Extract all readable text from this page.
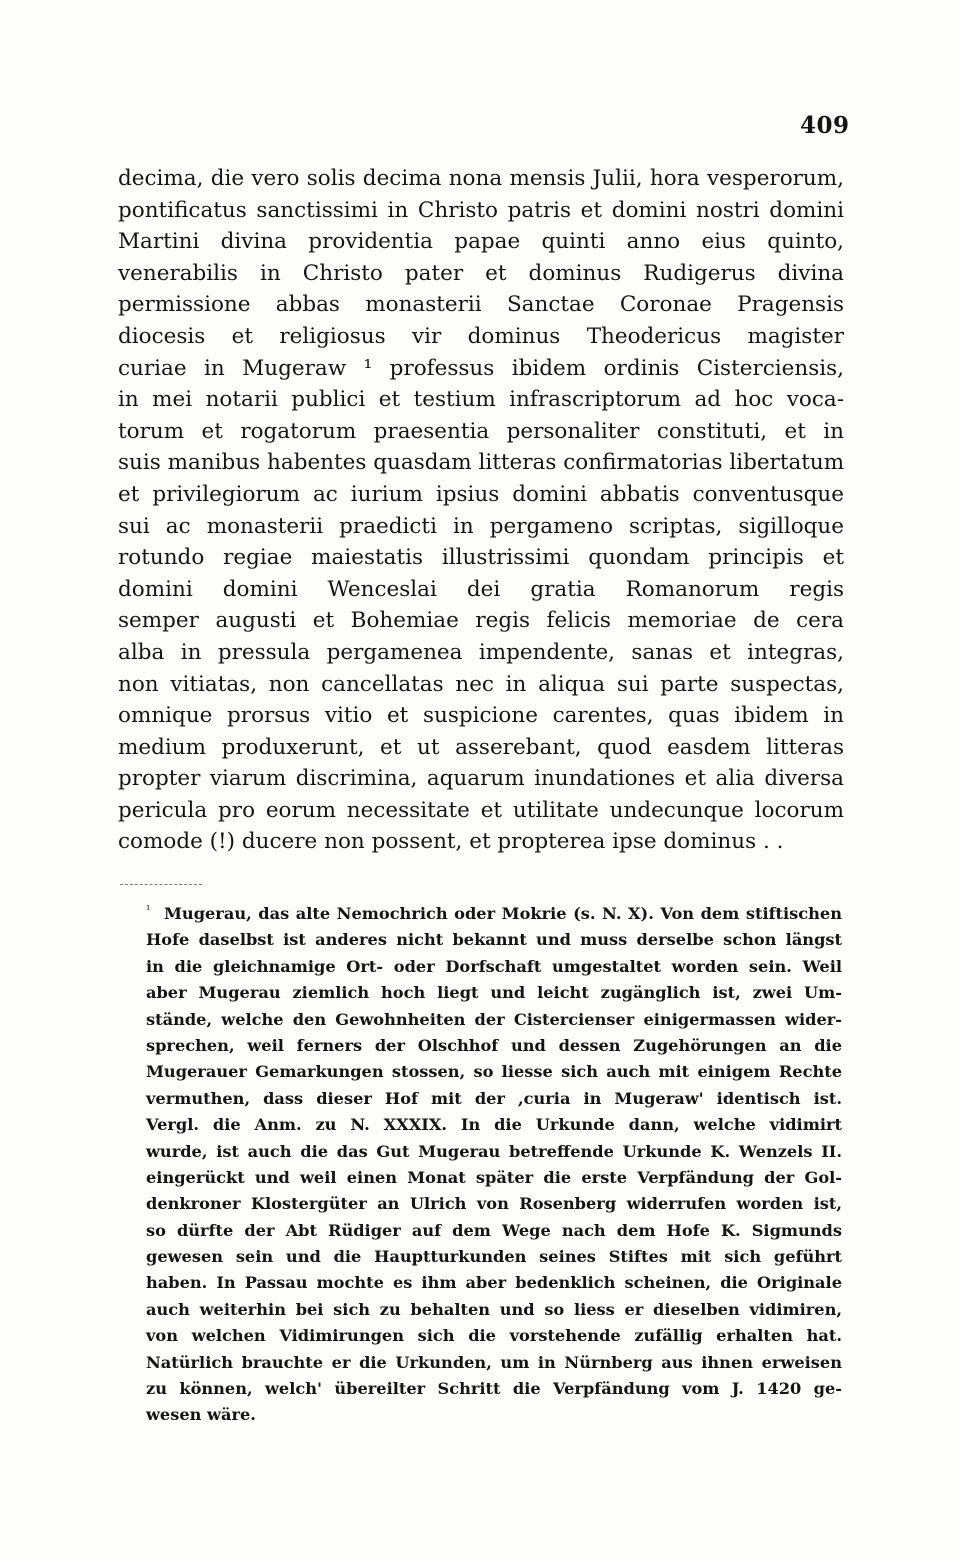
409
decima, die vero solis decima nona mensis Julii, hora vesperorum,
pontificatus sanctissimi in Christo patris et domini nostri domini
Martini divina providentia papae quinti anno eius quinto,
venerabilis in Christo pater et dominus Rudigerus divina
permissione abbas monasterii Sanctae Coronae Pragensis
diocesis et religiosus vir dominus Theodericus magister
curiae in Mugeraw ¹ professus ibidem ordinis Cisterciensis,
in mei notarii publici et testium infrascriptorum ad hoc voca-
torum et rogatorum praesentia personaliter constituti, et in
suis manibus habentes quasdam litteras confirmatorias libertatum
et privilegiorum ac iurium ipsius domini abbatis conventusque
sui ac monasterii praedicti in pergameno scriptas, sigilloque
rotundo regiae maiestatis illustrissimi quondam principis et
domini domini Wenceslai dei gratia Romanorum regis
semper augusti et Bohemiae regis felicis memoriae de cera
alba in pressula pergamenea impendente, sanas et integras,
non vitiatas, non cancellatas nec in aliqua sui parte suspectas,
omnique prorsus vitio et suspicione carentes, quas ibidem in
medium produxerunt, et ut asserebant, quod easdem litteras
propter viarum discrimina, aquarum inundationes et alia diversa
pericula pro eorum necessitate et utilitate undecunque locorum
comode (!) ducere non possent, et propterea ipse dominus . .
¹ Mugerau, das alte Nemochrich oder Mokrie (s. N. X). Von dem stiftischen
Hofe daselbst ist anderes nicht bekannt und muss derselbe schon längst
in die gleichnamige Ort- oder Dorfschaft umgestaltet worden sein. Weil
aber Mugerau ziemlich hoch liegt und leicht zugänglich ist, zwei Um-
stände, welche den Gewohnheiten der Cistercienser einigermassen wider-
sprechen, weil ferners der Olschhof und dessen Zugehörungen an die
Mugerauer Gemarkungen stossen, so liesse sich auch mit einigem Rechte
vermuthen, dass dieser Hof mit der ,curia in Mugeraw' identisch ist.
Vergl. die Anm. zu N. XXXIX. In die Urkunde dann, welche vidimirt
wurde, ist auch die das Gut Mugerau betreffende Urkunde K. Wenzels II.
eingerückt und weil einen Monat später die erste Verpfändung der Gol-
denkroner Klostergüter an Ulrich von Rosenberg widerrufen worden ist,
so dürfte der Abt Rüdiger auf dem Wege nach dem Hofe K. Sigmunds
gewesen sein und die Hauptturkunden seines Stiftes mit sich geführt
haben. In Passau mochte es ihm aber bedenklich scheinen, die Originale
auch weiterhin bei sich zu behalten und so liess er dieselben vidimiren,
von welchen Vidimirungen sich die vorstehende zufällig erhalten hat.
Natürlich brauchte er die Urkunden, um in Nürnberg aus ihnen erweisen
zu können, welch' übereilter Schritt die Verpfändung vom J. 1420 ge-
wesen wäre.
